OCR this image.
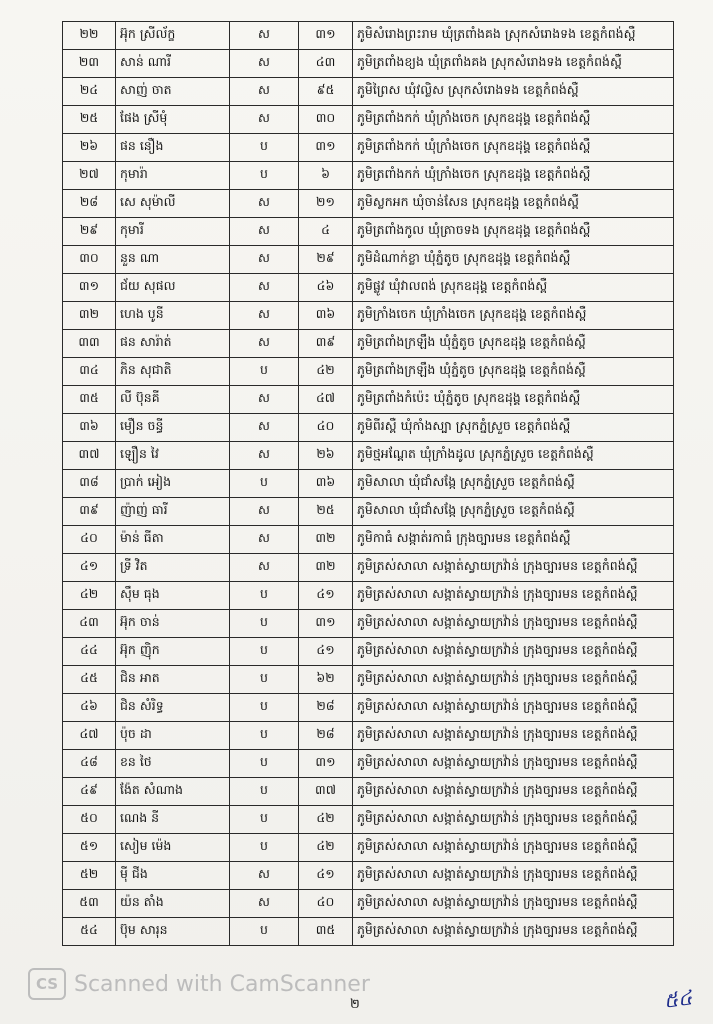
២២	អ៊ុក ស្រីល័ក្ខ	ស	៣១	ភូមិសំរោងព្រះរាម ឃុំត្រពាំងគង ស្រុកសំរោងទង ខេត្តកំពង់ស្ពឺ
២៣	សាន់ ណារី	ស	៤៣	ភូមិត្រពាំងខ្យង ឃុំត្រពាំងគង ស្រុកសំរោងទង ខេត្តកំពង់ស្ពឺ
២៤	សាញ់ ចាត	ស	៩៥	ភូមិព្រៃស ឃុំវល្លិស ស្រុកសំរោងទង ខេត្តកំពង់ស្ពឺ
២៥	ផែង ស្រីមុំ	ស	៣០	ភូមិត្រពាំងកក់ ឃុំក្រាំងចេក ស្រុកឧដុង្គ ខេត្តកំពង់ស្ពឺ
២៦	ផន នឿង	ប	៣១	ភូមិត្រពាំងកក់ ឃុំក្រាំងចេក ស្រុកឧដុង្គ ខេត្តកំពង់ស្ពឺ
២៧	កុមារ៉ា	ប	៦	ភូមិត្រពាំងកក់ ឃុំក្រាំងចេក ស្រុកឧដុង្គ ខេត្តកំពង់ស្ពឺ
២៨	សេ សុម៉ាលី	ស	២១	ភូមិស្លកអក ឃុំចាន់សែន ស្រុកឧដុង្គ ខេត្តកំពង់ស្ពឺ
២៩	កុមារី	ស	៤	ភូមិត្រពាំងកូល ឃុំត្រាចទង ស្រុកឧដុង្គ ខេត្តកំពង់ស្ពឺ
៣០	នួន ណា	ស	២៩	ភូមិដំណាក់ខ្លា ឃុំភ្នំតូច ស្រុកឧដុង្គ ខេត្តកំពង់ស្ពឺ
៣១	ជ័យ សុផល	ស	៤៦	ភូមិផ្លូវ ឃុំវាលពង់ ស្រុកឧដុង្គ ខេត្តកំពង់ស្ពឺ
៣២	ហេង បូនី	ស	៣៦	ភូមិក្រាំងចេក ឃុំក្រាំងចេក ស្រុកឧដុង្គ ខេត្តកំពង់ស្ពឺ
៣៣	ផន សារ៉ាត់	ស	៣៩	ភូមិត្រពាំងក្រឡឹង ឃុំភ្នំតូច ស្រុកឧដុង្គ ខេត្តកំពង់ស្ពឺ
៣៤	ភិន សុជាតិ	ប	៤២	ភូមិត្រពាំងក្រឡឹង ឃុំភ្នំតូច ស្រុកឧដុង្គ ខេត្តកំពង់ស្ពឺ
៣៥	លី ប៊ុនគី	ស	៤៧	ភូមិត្រពាំងកំប៉េះ ឃុំភ្នំតូច ស្រុកឧដុង្គ ខេត្តកំពង់ស្ពឺ
៣៦	មឿន ចន្ធី	ស	៤០	ភូមិពីរស្ពឺ ឃុំកាំងស្បា ស្រុកភ្នំស្រួច ខេត្តកំពង់ស្ពឺ
៣៧	ឡឿន វៃ	ស	២៦	ភូមិថ្មអណ្ដែត ឃុំក្រាំងដូល ស្រុកភ្នំស្រួច ខេត្តកំពង់ស្ពឺ
៣៨	ប្រាក់ អៀង	ប	៣៦	ភូមិសាលា ឃុំជាំសង្កែ ស្រុកភ្នំស្រួច ខេត្តកំពង់ស្ពឺ
៣៩	ញ៉ាញ់ ធារី	ស	២៥	ភូមិសាលា ឃុំជាំសង្កែ ស្រុកភ្នំស្រួច ខេត្តកំពង់ស្ពឺ
៤០	ម៉ាន់ ធីតា	ស	៣២	ភូមិកាធំ សង្កាត់រកាធំ ក្រុងច្បារមន ខេត្តកំពង់ស្ពឺ
៤១	ទ្រី វិត	ស	៣២	ភូមិត្រស់សាលា សង្កាត់ស្វាយក្រវ៉ាន់ ក្រុងច្បារមន ខេត្តកំពង់ស្ពឺ
៤២	ស៊ឹម ធុង	ប	៤១	ភូមិត្រស់សាលា សង្កាត់ស្វាយក្រវ៉ាន់ ក្រុងច្បារមន ខេត្តកំពង់ស្ពឺ
៤៣	អ៊ុក ចាន់	ប	៣១	ភូមិត្រស់សាលា សង្កាត់ស្វាយក្រវ៉ាន់ ក្រុងច្បារមន ខេត្តកំពង់ស្ពឺ
៤៤	អ៊ុក ញ៉ិក	ប	៤១	ភូមិត្រស់សាលា សង្កាត់ស្វាយក្រវ៉ាន់ ក្រុងច្បារមន ខេត្តកំពង់ស្ពឺ
៤៥	ជិន អាត	ប	៦២	ភូមិត្រស់សាលា សង្កាត់ស្វាយក្រវ៉ាន់ ក្រុងច្បារមន ខេត្តកំពង់ស្ពឺ
៤៦	ជិន សំរិទ្ធ	ប	២៨	ភូមិត្រស់សាលា សង្កាត់ស្វាយក្រវ៉ាន់ ក្រុងច្បារមន ខេត្តកំពង់ស្ពឺ
៤៧	ប៉ុច ដា	ប	២៨	ភូមិត្រស់សាលា សង្កាត់ស្វាយក្រវ៉ាន់ ក្រុងច្បារមន ខេត្តកំពង់ស្ពឺ
៤៨	ខន ថៃ	ប	៣១	ភូមិត្រស់សាលា សង្កាត់ស្វាយក្រវ៉ាន់ ក្រុងច្បារមន ខេត្តកំពង់ស្ពឺ
៤៩	ង៉ែត សំណាង	ប	៣៧	ភូមិត្រស់សាលា សង្កាត់ស្វាយក្រវ៉ាន់ ក្រុងច្បារមន ខេត្តកំពង់ស្ពឺ
៥០	ណេង នី	ប	៤២	ភូមិត្រស់សាលា សង្កាត់ស្វាយក្រវ៉ាន់ ក្រុងច្បារមន ខេត្តកំពង់ស្ពឺ
៥១	សៀម ម៉េង	ប	៤២	ភូមិត្រស់សាលា សង្កាត់ស្វាយក្រវ៉ាន់ ក្រុងច្បារមន ខេត្តកំពង់ស្ពឺ
៥២	ម៉ី ជីង	ស	៤១	ភូមិត្រស់សាលា សង្កាត់ស្វាយក្រវ៉ាន់ ក្រុងច្បារមន ខេត្តកំពង់ស្ពឺ
៥៣	យ៉ន តាំង	ស	៤០	ភូមិត្រស់សាលា សង្កាត់ស្វាយក្រវ៉ាន់ ក្រុងច្បារមន ខេត្តកំពង់ស្ពឺ
៥៤	ប៊ុម សារុន	ប	៣៥	ភូមិត្រស់សាលា សង្កាត់ស្វាយក្រវ៉ាន់ ក្រុងច្បារមន ខេត្តកំពង់ស្ពឺ
CS Scanned with CamScanner
២	៥៤
